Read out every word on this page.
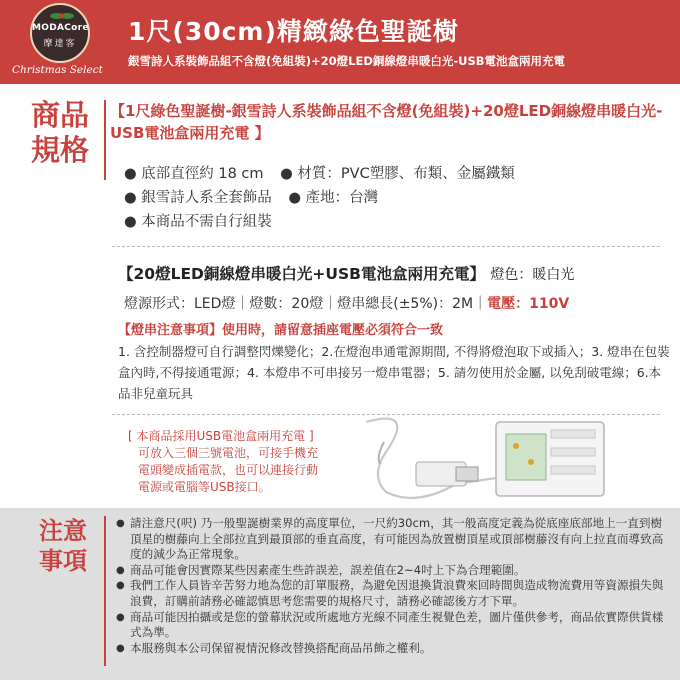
MODACore
摩達客
Christmas Select
1尺(30cm)精緻綠色聖誕樹
銀雪詩人系裝飾品組不含燈(免組裝)+20燈LED銅線燈串暖白光-USB電池盒兩用充電
商品
規格
【1尺綠色聖誕樹-銀雪詩人系裝飾品組不含燈(免組裝)+20燈LED銅線燈串暖白光-USB電池盒兩用充電 】
● 底部直徑約 18 cm ● 材質：PVC塑膠、布類、金屬鐵類
● 銀雪詩人系全套飾品 ● 產地：台灣
● 本商品不需自行組裝
【20燈LED銅線燈串暖白光+USB電池盒兩用充電】 燈色：暖白光
燈源形式：LED燈｜燈數：20燈｜燈串總長(±5%)：2M｜電壓：110V
【燈串注意事項】使用時，請留意插座電壓必須符合一致
1. 含控制器燈可自行調整閃爍變化；2.在燈泡串通電源期間, 不得將燈泡取下或插入；3. 燈串在包裝盒內時,不得接通電源；4. 本燈串不可串接另一燈串電器；5. 請勿使用於金屬, 以免刮破電線；6.本品非兒童玩具
[ 本商品採用USB電池盒兩用充電 ]
可放入三個三號電池，可接手機充
電頭變成插電款，也可以連接行動
電源或電腦等USB接口。
注意
事項
● 請注意尺(呎) 乃一般聖誕樹業界的高度單位，一尺約30cm，其一般高度定義為從底座底部地上一直到樹頂星的樹藤向上全部拉直到最頂部的垂直高度，有可能因為放置樹頂星或頂部樹藤沒有向上拉直而導致高度的減少為正常現象。
● 商品可能會因實際某些因素產生些許誤差，誤差值在2~4吋上下為合理範圍。
● 我們工作人員皆辛苦努力地為您的訂單服務，為避免因退換貨浪費來回時間與造成物流費用等資源損失與浪費，訂購前請務必確認慎思考您需要的規格尺寸，請務必確認後方才下單。
● 商品可能因拍攝或是您的螢幕狀況或所處地方光線不同產生視覺色差，圖片僅供參考，商品依實際供貨樣式為準。
● 本服務與本公司保留視情況修改替換搭配商品吊飾之權利。
